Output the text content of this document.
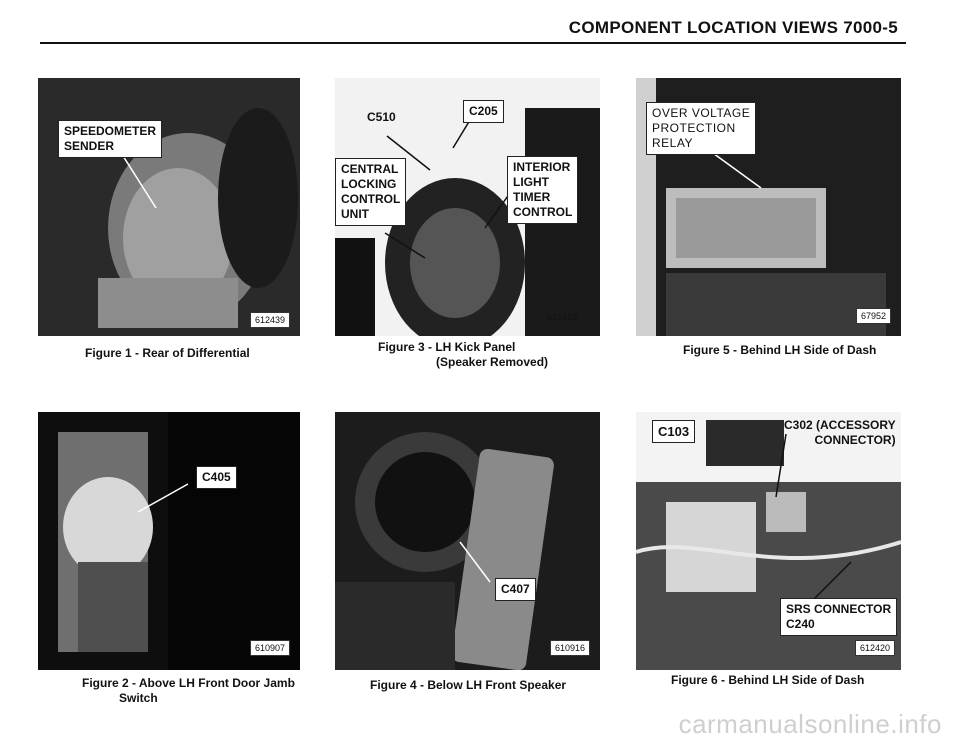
COMPONENT LOCATION VIEWS 7000-5
SPEEDOMETER
SENDER
612439
Figure 1 - Rear of Differential
C510	C205
CENTRAL
LOCKING
CONTROL
UNIT
INTERIOR
LIGHT
TIMER
CONTROL
612419
Figure 3 - LH Kick Panel
(Speaker Removed)
OVER VOLTAGE
PROTECTION
RELAY
67952
Figure 5 - Behind LH Side of Dash
C405
610907
Figure 2 - Above LH Front Door Jamb
Switch
C407
610916
Figure 4 - Below LH Front Speaker
C103	C302 (ACCESSORY
CONNECTOR)
SRS CONNECTOR
C240
612420
Figure 6 - Behind LH Side of Dash
carmanualsonline.info
